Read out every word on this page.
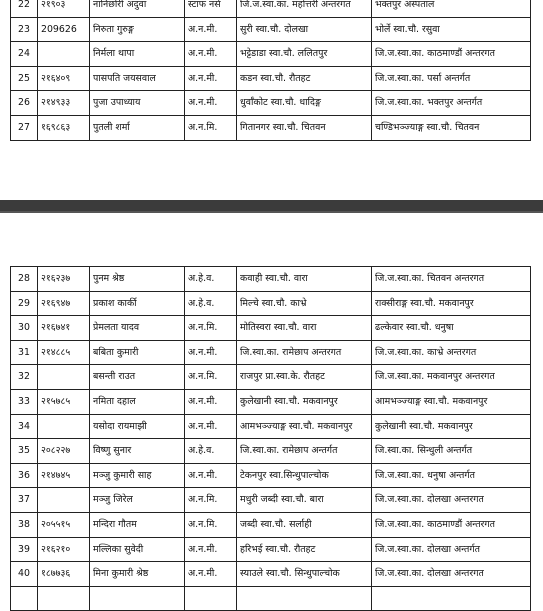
22	२१९०३	नानिछोरी अदुवा	स्टाफ नर्स	जि.ज.स्वा.का. महोत्तरी अन्तरगत	भक्तपुर अस्पताल
23	209626	निरुता गुरुङ्ग	अ.न.मी.	सुरी स्वा.चौ. दोलखा	भोर्ले स्वा.चौ. रसुवा
24		निर्मला थापा	अ.न.मी.	भट्टेडाडा स्वा.चौ. ललितपुर	जि.ज.स्वा.का. काठमाण्डौं अन्तरगत
25	२१६४०९	पासपति जयसवाल	अ.न.मी.	कडन स्वा.चौ. रौतहट	जि.ज.स्वा.का. पर्सा अन्तर्गत
26	२१४९३३	पुजा उपाध्याय	अ.न.मी.	धुर्वाँकोट स्वा.चौ. धादिङ्ग	जि.ज.स्वा.का. भक्तपुर अन्तर्गत
27	१६९८६३	पुतली शर्मा	अ.न.मि.	गितानगर स्वा.चौ. चितवन	चण्डिभञ्ज्याङ्ग स्वा.चौ. चितवन
28	२१६२३७	पुनम श्रेष्ठ	अ.हे.व.	कवाही स्वा.चौ. वारा	जि.ज.स्वा.का. चितवन अन्तरगत
29	२१६९४७	प्रकाश कार्की	अ.हे.व.	मिल्चे स्वा.चौ. काभ्रे	राक्सीराङ्ग स्वा.चौ. मकवानपुर
30	२१६७४१	प्रेमलता यादव	अ.न.मि.	मोतिस्वरा स्वा.चौ. वारा	ढल्केवार स्वा.चौ. धनुषा
31	२१४८८५	बबिता कुमारी	अ.न.मी.	जि.स्वा.का. रामेछाप अन्तरगत	जि.ज.स्वा.का. काभ्रे अन्तरगत
32		बसन्ती राउत	अ.न.मि.	राजपुर प्रा.स्वा.के. रौतहट	जि.ज.स्वा.का. मकवानपुर अन्तरगत
33	२१५७८५	नमिता दहाल	अ.न.मी.	कुलेखानी स्वा.चौ. मकवानपुर	आमभञ्ज्याङ्ग स्वा.चौ. मकवानपुर
34		यसोदा रायमाझी	अ.न.मी.	आमभञ्ज्याङ्ग स्वा.चौ. मकवानपुर	कुलेखानी स्वा.चौ. मकवानपुर
35	२०८२२७	विष्णु सुनार	अ.हे.व.	जि.स्वा.का. रामेछाप अन्तर्गत	जि.स्वा.का. सिन्धुली अन्तर्गत
36	२१४७४५	मञ्जु कुमारी साह	अ.न.मी.	टेकनपुर स्वा.सिन्धुपाल्चोक	जि.ज.स्वा.का. धनुषा अन्तर्गत
37		मञ्जु जिरेल	अ.न.मि.	मधुरी जब्दी स्वा.चौ. बारा	जि.ज.स्वा.का. दोलखा अन्तरगत
38	२०५५१५	मन्दिरा गौतम	अ.न.मि.	जब्दी स्वा.चौ. सर्लाही	जि.ज.स्वा.का. काठमाण्डौं अन्तरगत
39	२१६२१०	मल्लिका सुवेदी	अ.न.मी.	हरिभई स्वा.चौ. रौतहट	जि.ज.स्वा.का. दोलखा अन्तर्गत
40	१८७७३६	मिना कुमारी श्रेष्ठ	अ.न.मी.	स्याउले स्वा.चौ. सिन्धुपाल्चोक	जि.ज.स्वा.का. दोलखा अन्तरगत
